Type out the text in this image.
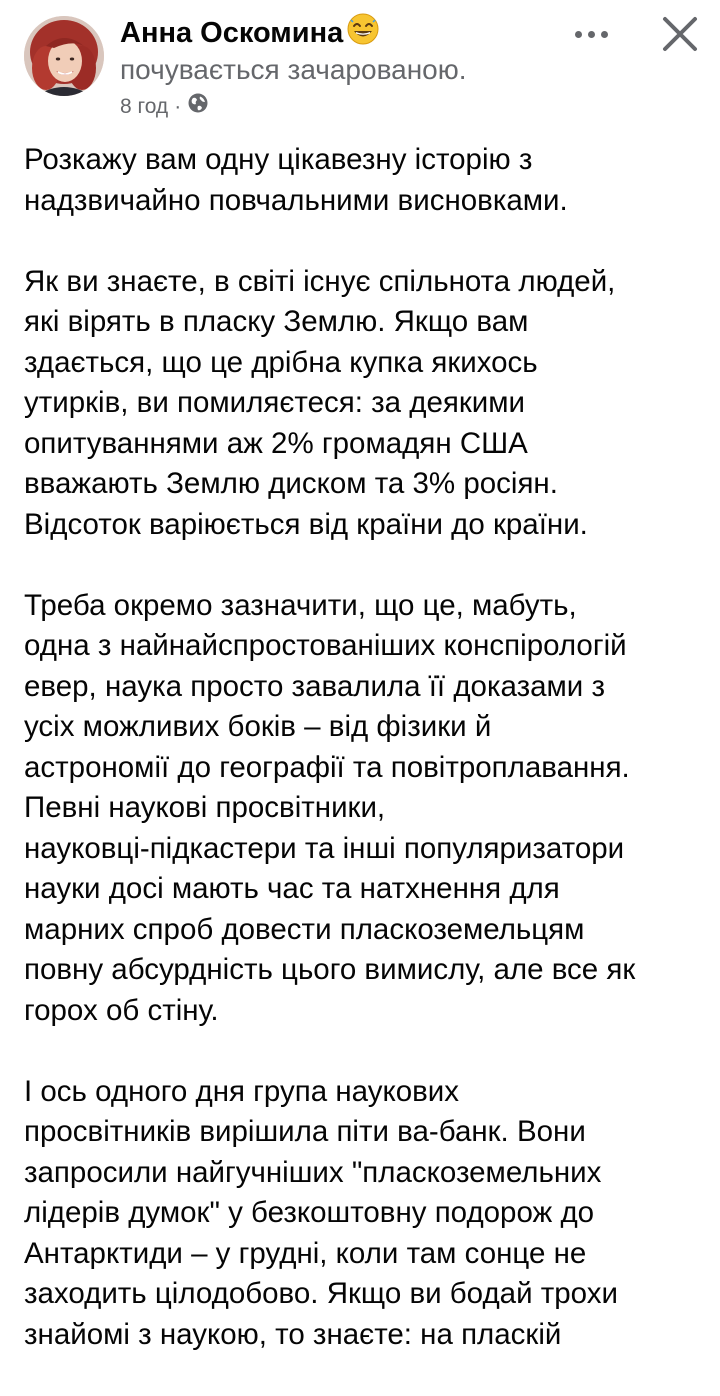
Анна Оскомина
почувається зачарованою.
8 год ·

Розкажу вам одну цікавезну історію з
надзвичайно повчальними висновками.

Як ви знаєте, в світі існує спільнота людей,
які вірять в пласку Землю. Якщо вам
здається, що це дрібна купка якихось
утирків, ви помиляєтеся: за деякими
опитуваннями аж 2% громадян США
вважають Землю диском та 3% росіян.
Відсоток варіюється від країни до країни.

Треба окремо зазначити, що це, мабуть,
одна з найнайспростованіших конспірологій
евер, наука просто завалила її доказами з
усіх можливих боків – від фізики й
астрономії до географії та повітроплавання.
Певні наукові просвітники,
науковці-підкастери та інші популяризатори
науки досі мають час та натхнення для
марних спроб довести пласкоземельцям
повну абсурдність цього вимислу, але все як
горох об стіну.

І ось одного дня група наукових
просвітників вирішила піти ва-банк. Вони
запросили найгучніших "пласкоземельних
лідерів думок" у безкоштовну подорож до
Антарктиди – у грудні, коли там сонце не
заходить цілодобово. Якщо ви бодай трохи
знайомі з наукою, то знаєте: на пласкій
